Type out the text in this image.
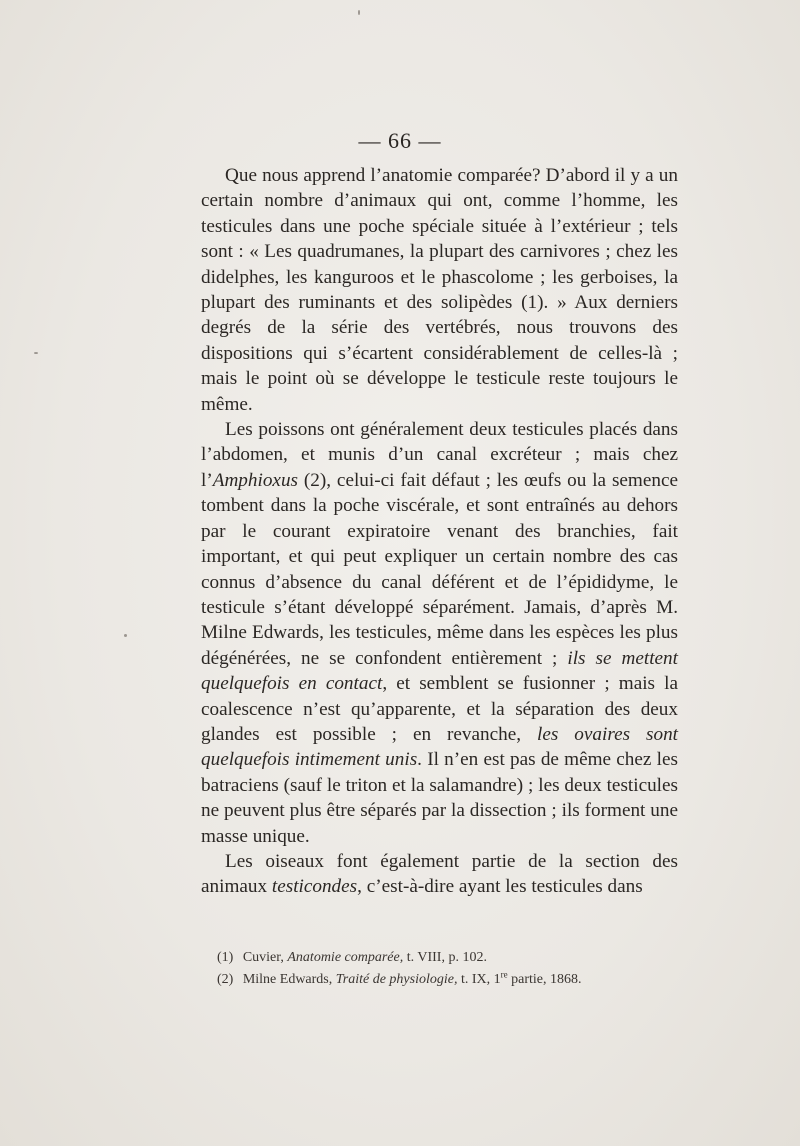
— 66 —

Que nous apprend l’anatomie comparée? D’abord il y a un certain nombre d’animaux qui ont, comme l’homme, les testicules dans une poche spéciale située à l’extérieur ; tels sont : « Les quadrumanes, la plupart des carnivores ; chez les didelphes, les kanguroos et le phascolome ; les gerboises, la plupart des ruminants et des solipèdes (1). » Aux derniers degrés de la série des vertébrés, nous trouvons des dispositions qui s’écartent considérablement de celles-là ; mais le point où se développe le testicule reste toujours le même.

Les poissons ont généralement deux testicules placés dans l’abdomen, et munis d’un canal excréteur ; mais chez l’Amphioxus (2), celui-ci fait défaut ; les œufs ou la semence tombent dans la poche viscérale, et sont entraînés au dehors par le courant expiratoire venant des branchies, fait important, et qui peut expliquer un certain nombre des cas connus d’absence du canal déférent et de l’épididyme, le testicule s’étant développé séparément. Jamais, d’après M. Milne Edwards, les testicules, même dans les espèces les plus dégénérées, ne se confondent entièrement ; ils se mettent quelquefois en contact, et semblent se fusionner ; mais la coalescence n’est qu’apparente, et la séparation des deux glandes est possible ; en revanche, les ovaires sont quelquefois intimement unis. Il n’en est pas de même chez les batraciens (sauf le triton et la salamandre) ; les deux testicules ne peuvent plus être séparés par la dissection ; ils forment une masse unique.

Les oiseaux font également partie de la section des animaux testicondes, c’est-à-dire ayant les testicules dans

(1) Cuvier, Anatomie comparée, t. VIII, p. 102.
(2) Milne Edwards, Traité de physiologie, t. IX, 1re partie, 1868.
